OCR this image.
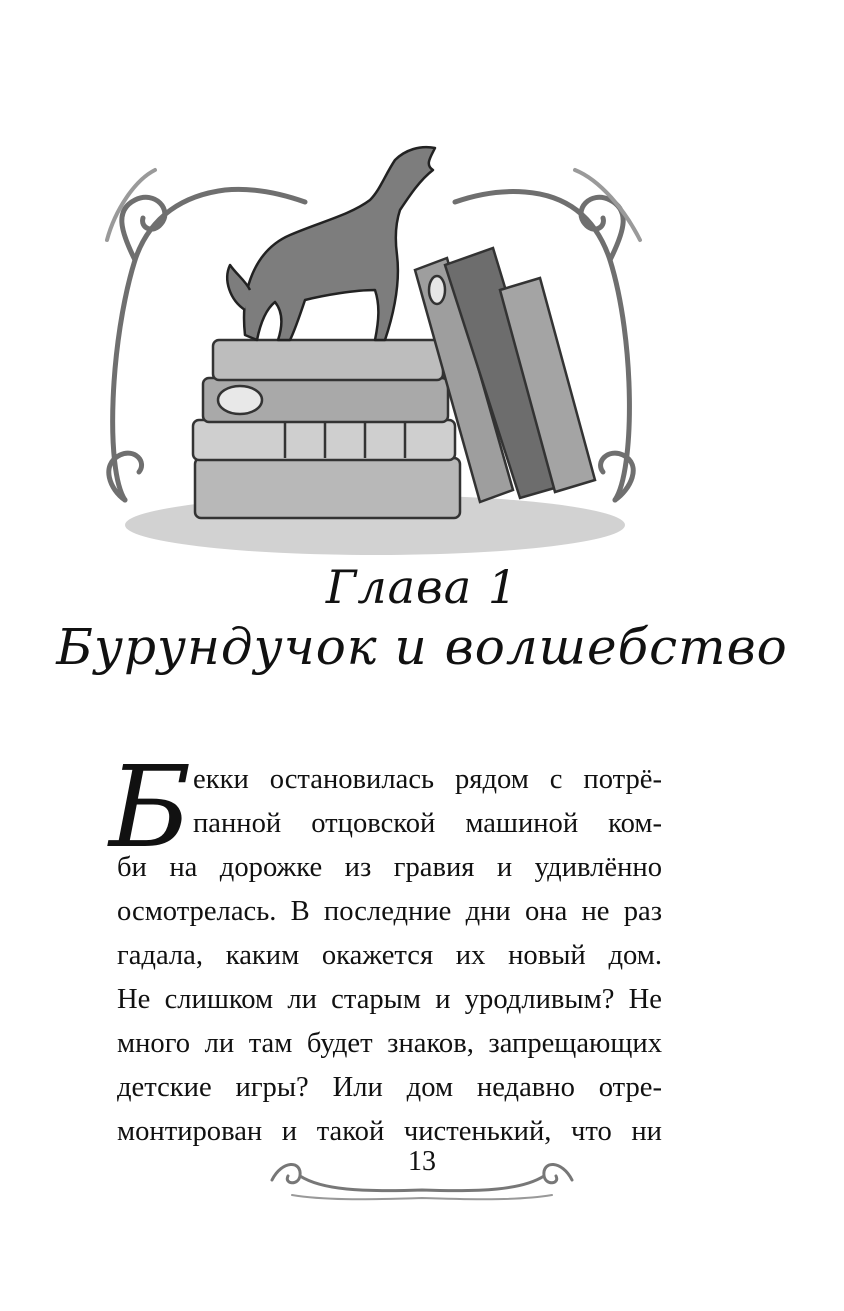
Глава 1
Бурундучок и волшебство
Б екки остановилась рядом с потрё-
панной отцовской машиной ком-
би на дорожке из гравия и удивлённо
осмотрелась. В последние дни она не раз
гадала, каким окажется их новый дом.
Не слишком ли старым и уродливым? Не
много ли там будет знаков, запрещающих
детские игры? Или дом недавно отре-
монтирован и такой чистенький, что ни
13
